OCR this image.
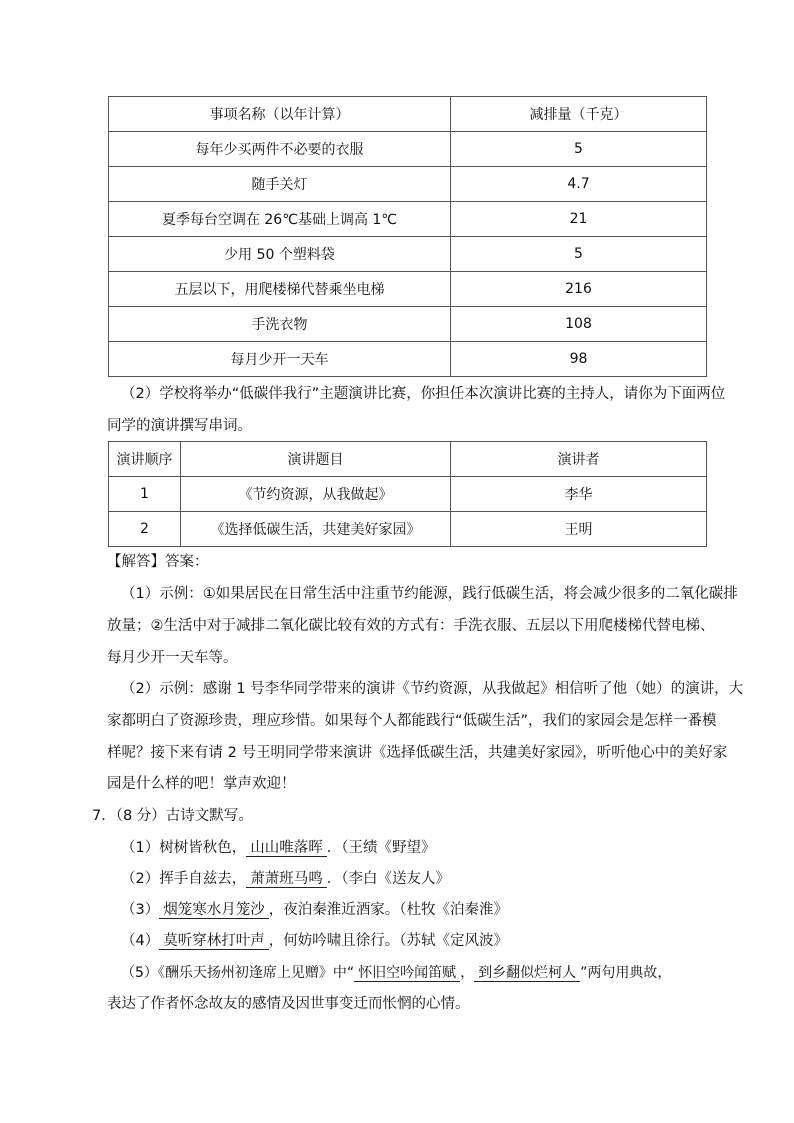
事项名称（以年计算）	减排量（千克）
每年少买两件不必要的衣服	5
随手关灯	4.7
夏季每台空调在 26℃基础上调高 1℃	21
少用 50 个塑料袋	5
五层以下，用爬楼梯代替乘坐电梯	216
手洗衣物	108
每月少开一天车	98
（2）学校将举办“低碳伴我行”主题演讲比赛，你担任本次演讲比赛的主持人，请你为下面两位
同学的演讲撰写串词。
演讲顺序	演讲题目	演讲者
1	《节约资源，从我做起》	李华
2	《选择低碳生活，共建美好家园》	王明
【解答】答案：
（1）示例：①如果居民在日常生活中注重节约能源，践行低碳生活，将会减少很多的二氧化碳排
放量；②生活中对于减排二氧化碳比较有效的方式有：手洗衣服、五层以下用爬楼梯代替电梯、
每月少开一天车等。
（2）示例：感谢 1 号李华同学带来的演讲《节约资源，从我做起》相信听了他（她）的演讲，大
家都明白了资源珍贵，理应珍惜。如果每个人都能践行“低碳生活”，我们的家园会是怎样一番模
样呢？接下来有请 2 号王明同学带来演讲《选择低碳生活，共建美好家园》，听听他心中的美好家
园是什么样的吧！掌声欢迎！
7．（8 分）古诗文默写。
（1）树树皆秋色， 山山唯落晖 ．（王绩《野望》
（2）挥手自兹去， 萧萧班马鸣 ．（李白《送友人》
（3） 烟笼寒水月笼沙 ，夜泊秦淮近酒家。（杜牧《泊秦淮》
（4） 莫听穿林打叶声 ，何妨吟啸且徐行。（苏轼《定风波》
（5）《酬乐天扬州初逢席上见赠》中“ 怀旧空吟闻笛赋 ， 到乡翻似烂柯人 ”两句用典故，
表达了作者怀念故友的感情及因世事变迁而怅惘的心情。
